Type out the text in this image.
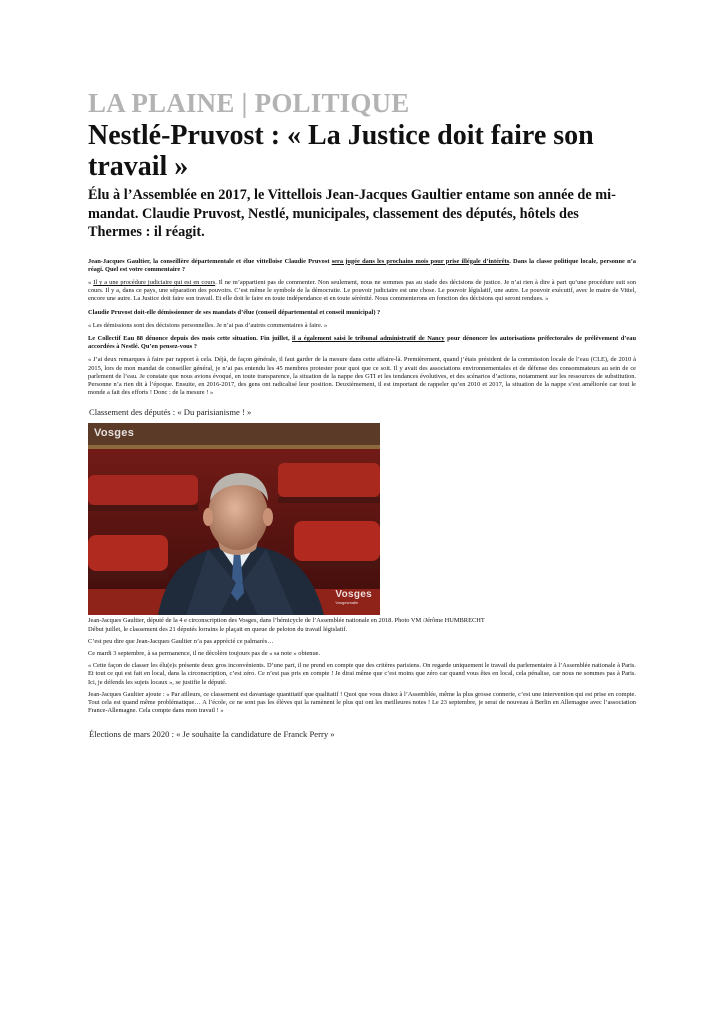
LA PLAINE | POLITIQUE
Nestlé-Pruvost : « La Justice doit faire son travail »

Élu à l’Assemblée en 2017, le Vittellois Jean-Jacques Gaultier entame son année de mi-mandat. Claudie Pruvost, Nestlé, municipales, classement des députés, hôtels des Thermes : il réagit.

Jean-Jacques Gaultier, la conseillère départementale et élue vittelloise Claudie Pruvost sera jugée dans les prochains mois pour prise illégale d’intérêts. Dans la classe politique locale, personne n’a réagi. Quel est votre commentaire ?

« Il y a une procédure judiciaire qui est en cours. Il ne m’appartient pas de commenter. Non seulement, nous ne sommes pas au stade des décisions de justice. Je n’ai rien à dire à part qu’une procédure suit son cours. Il y a, dans ce pays, une séparation des pouvoirs. C’est même le symbole de la démocratie. Le pouvoir judiciaire est une chose. Le pouvoir législatif, une autre. Le pouvoir exécutif, avec le maire de Vittel, encore une autre. La Justice doit faire son travail. Et elle doit le faire en toute indépendance et en toute sérénité. Nous commenterons en fonction des décisions qui seront rendues. »

Claudie Pruvost doit-elle démissionner de ses mandats d’élue (conseil départemental et conseil municipal) ?

« Les démissions sont des décisions personnelles. Je n’ai pas d’autres commentaires à faire. »

Le Collectif Eau 88 dénonce depuis des mois cette situation. Fin juillet, il a également saisi le tribunal administratif de Nancy pour dénoncer les autorisations préfectorales de prélèvement d’eau accordées à Nestlé. Qu’en pensez-vous ?

« J’ai deux remarques à faire par rapport à cela. Déjà, de façon générale, il faut garder de la mesure dans cette affaire-là. Premièrement, quand j’étais président de la commission locale de l’eau (CLE), de 2010 à 2015, lors de mon mandat de conseiller général, je n’ai pas entendu les 45 membres protester pour quoi que ce soit. Il y avait des associations environnementales et de défense des consommateurs au sein de ce parlement de l’eau. Je constate que nous avions évoqué, en toute transparence, la situation de la nappe des GTI et les tendances évolutives, et des scénarios d’actions, notamment sur les ressources de substitution. Personne n’a rien dit à l’époque. Ensuite, en 2016-2017, des gens ont radicalisé leur position. Deuxièmement, il est important de rappeler qu’en 2010 et 2017, la situation de la nappe s’est améliorée car tout le monde a fait des efforts ! Donc : de la mesure ! »

Classement des députés : « Du parisianisme ! »
Vosges
Vosges
Vosgesmatin
Jean-Jacques Gaultier, député de la 4 e circonscription des Vosges, dans l’hémicycle de l’Assemblée nationale en 2018. Photo VM /Jérôme HUMBRECHT

Début juillet, le classement des 21 députés lorrains le plaçait en queue de peloton du travail législatif.

C’est peu dire que Jean-Jacques Gaultier n’a pas apprécié ce palmarès…

Ce mardi 3 septembre, à sa permanence, il ne décolère toujours pas de « sa note » obtenue.

« Cette façon de classer les élu(e)s présente deux gros inconvénients. D’une part, il ne prend en compte que des critères parisiens. On regarde uniquement le travail du parlementaire à l’Assemblée nationale à Paris. Et tout ce qui est fait en local, dans la circonscription, c’est zéro. Ce n’est pas pris en compte ! Je dirai même que c’est moins que zéro car quand vous êtes en local, cela pénalise, car nous ne sommes pas à Paris. Ici, je défends les sujets locaux », se justifie le député.

Jean-Jacques Gaultier ajoute : « Par ailleurs, ce classement est davantage quantitatif que qualitatif ! Quoi que vous disiez à l’Assemblée, même la plus grosse connerie, c’est une intervention qui est prise en compte. Tout cela est quand même problématique… A l’école, ce ne sont pas les élèves qui la ramènent le plus qui ont les meilleures notes ! Le 23 septembre, je serai de nouveau à Berlin en Allemagne avec l’association France-Allemagne. Cela compte dans mon travail ! »

Élections de mars 2020 : « Je souhaite la candidature de Franck Perry »
